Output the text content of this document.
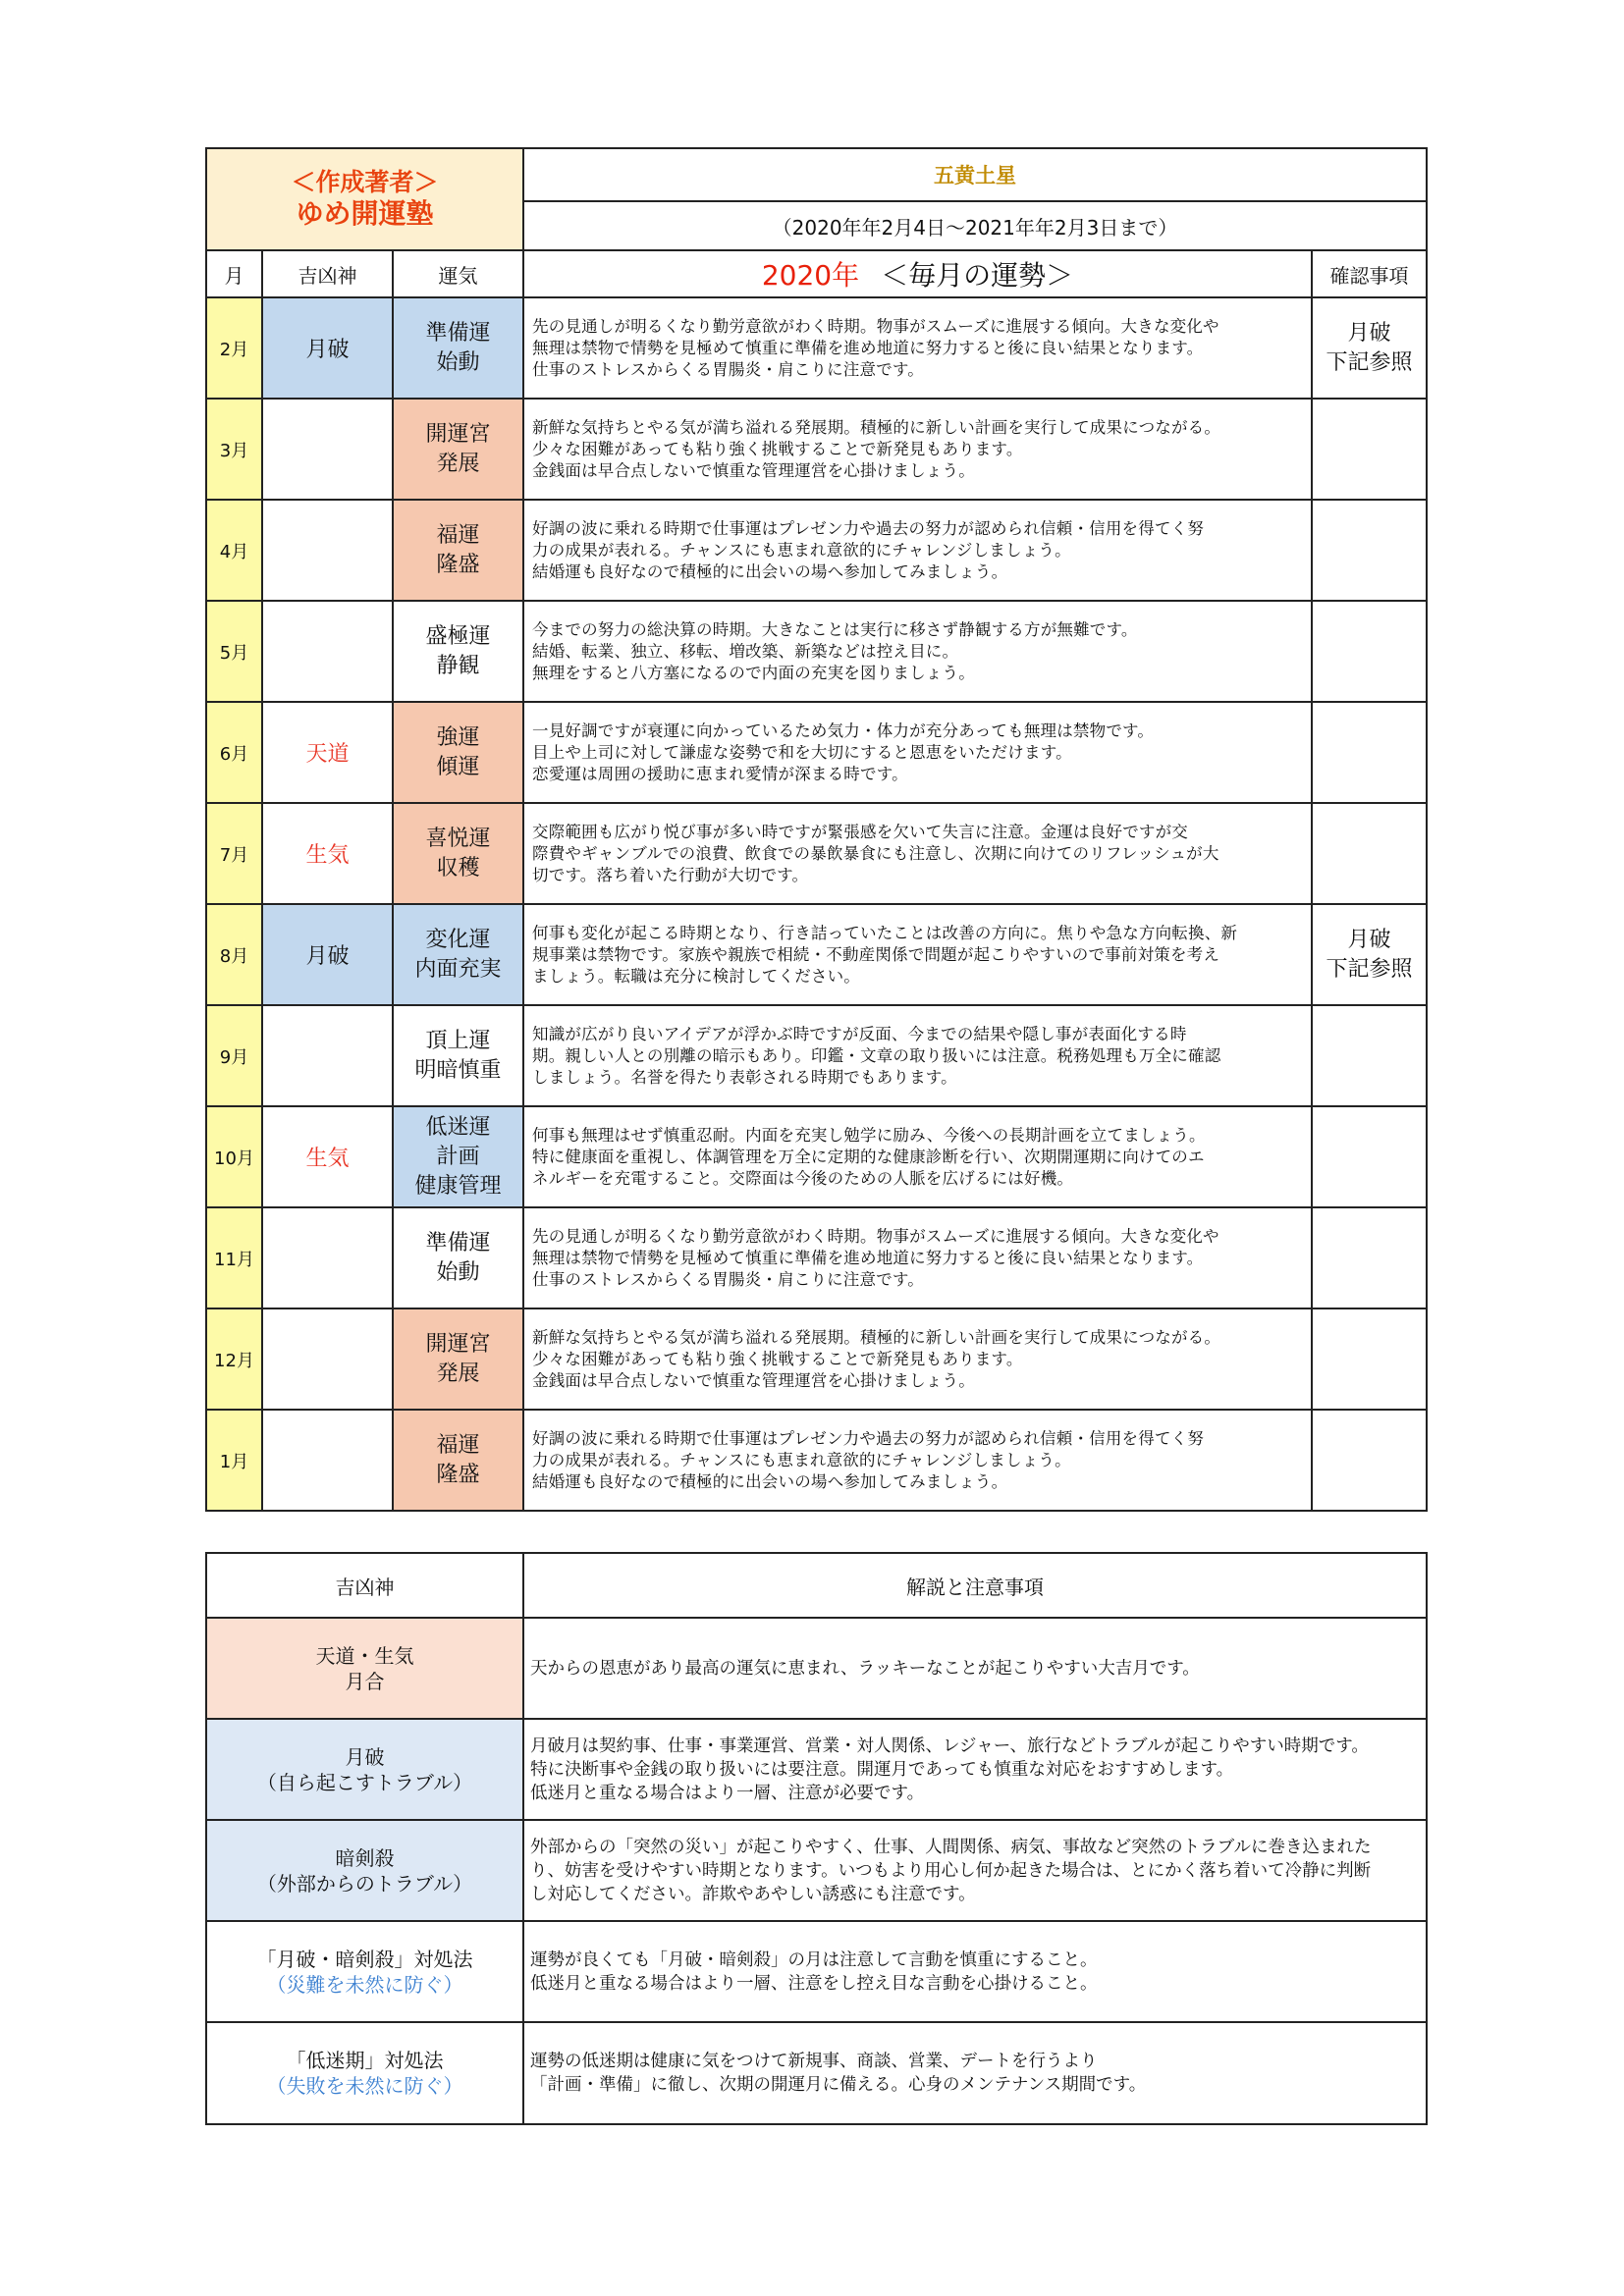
＜作成著者＞
ゆめ開運塾			五黄土星	
			（2020年年2月4日～2021年年2月3日まで）	
月	吉凶神	運気	2020年 ＜毎月の運勢＞	確認事項
2月	月破	準備運
始動	先の見通しが明るくなり勤労意欲がわく時期。物事がスムーズに進展する傾向。大きな変化や
無理は禁物で情勢を見極めて慎重に準備を進め地道に努力すると後に良い結果となります。
仕事のストレスからくる胃腸炎・肩こりに注意です。	月破
下記参照

3月		開運宮
発展	新鮮な気持ちとやる気が満ち溢れる発展期。積極的に新しい計画を実行して成果につながる。
少々な困難があっても粘り強く挑戦することで新発見もあります。
金銭面は早合点しないで慎重な管理運営を心掛けましょう。	

4月		福運
隆盛	好調の波に乗れる時期で仕事運はプレゼン力や過去の努力が認められ信頼・信用を得てく努
力の成果が表れる。チャンスにも恵まれ意欲的にチャレンジしましょう。
結婚運も良好なので積極的に出会いの場へ参加してみましょう。	

5月		盛極運
静観	今までの努力の総決算の時期。大きなことは実行に移さず静観する方が無難です。
結婚、転業、独立、移転、増改築、新築などは控え目に。
無理をすると八方塞になるので内面の充実を図りましょう。	

6月	天道	強運
傾運	一見好調ですが衰運に向かっているため気力・体力が充分あっても無理は禁物です。
目上や上司に対して謙虚な姿勢で和を大切にすると恩恵をいただけます。
恋愛運は周囲の援助に恵まれ愛情が深まる時です。	

7月	生気	喜悦運
収穫	交際範囲も広がり悦び事が多い時ですが緊張感を欠いて失言に注意。金運は良好ですが交
際費やギャンブルでの浪費、飲食での暴飲暴食にも注意し、次期に向けてのリフレッシュが大
切です。落ち着いた行動が大切です。	

8月	月破	変化運
内面充実	何事も変化が起こる時期となり、行き詰っていたことは改善の方向に。焦りや急な方向転換、新
規事業は禁物です。家族や親族で相続・不動産関係で問題が起こりやすいので事前対策を考え
ましょう。転職は充分に検討してください。	月破
下記参照

9月		頂上運
明暗慎重	知識が広がり良いアイデアが浮かぶ時ですが反面、今までの結果や隠し事が表面化する時
期。親しい人との別離の暗示もあり。印鑑・文章の取り扱いには注意。税務処理も万全に確認
しましょう。名誉を得たり表彰される時期でもあります。	

10月	生気	低迷運
計画
健康管理	何事も無理はせず慎重忍耐。内面を充実し勉学に励み、今後への長期計画を立てましょう。
特に健康面を重視し、体調管理を万全に定期的な健康診断を行い、次期開運期に向けてのエ
ネルギーを充電すること。交際面は今後のための人脈を広げるには好機。	

11月		準備運
始動	先の見通しが明るくなり勤労意欲がわく時期。物事がスムーズに進展する傾向。大きな変化や
無理は禁物で情勢を見極めて慎重に準備を進め地道に努力すると後に良い結果となります。
仕事のストレスからくる胃腸炎・肩こりに注意です。	

12月		開運宮
発展	新鮮な気持ちとやる気が満ち溢れる発展期。積極的に新しい計画を実行して成果につながる。
少々な困難があっても粘り強く挑戦することで新発見もあります。
金銭面は早合点しないで慎重な管理運営を心掛けましょう。	

1月		福運
隆盛	好調の波に乗れる時期で仕事運はプレゼン力や過去の努力が認められ信頼・信用を得てく努
力の成果が表れる。チャンスにも恵まれ意欲的にチャレンジしましょう。
結婚運も良好なので積極的に出会いの場へ参加してみましょう。	

吉凶神	解説と注意事項

天道・生気
月合	天からの恩恵があり最高の運気に恵まれ、ラッキーなことが起こりやすい大吉月です。

月破
（自ら起こすトラブル）	月破月は契約事、仕事・事業運営、営業・対人関係、レジャー、旅行などトラブルが起こりやすい時期です。
特に決断事や金銭の取り扱いには要注意。開運月であっても慎重な対応をおすすめします。
低迷月と重なる場合はより一層、注意が必要です。

暗剣殺
（外部からのトラブル）	外部からの「突然の災い」が起こりやすく、仕事、人間関係、病気、事故など突然のトラブルに巻き込まれた
り、妨害を受けやすい時期となります。いつもより用心し何か起きた場合は、とにかく落ち着いて冷静に判断
し対応してください。詐欺やあやしい誘惑にも注意です。

「月破・暗剣殺」対処法
（災難を未然に防ぐ）	運勢が良くても「月破・暗剣殺」の月は注意して言動を慎重にすること。
低迷月と重なる場合はより一層、注意をし控え目な言動を心掛けること。

「低迷期」対処法
（失敗を未然に防ぐ）	運勢の低迷期は健康に気をつけて新規事、商談、営業、デートを行うより
「計画・準備」に徹し、次期の開運月に備える。心身のメンテナンス期間です。
